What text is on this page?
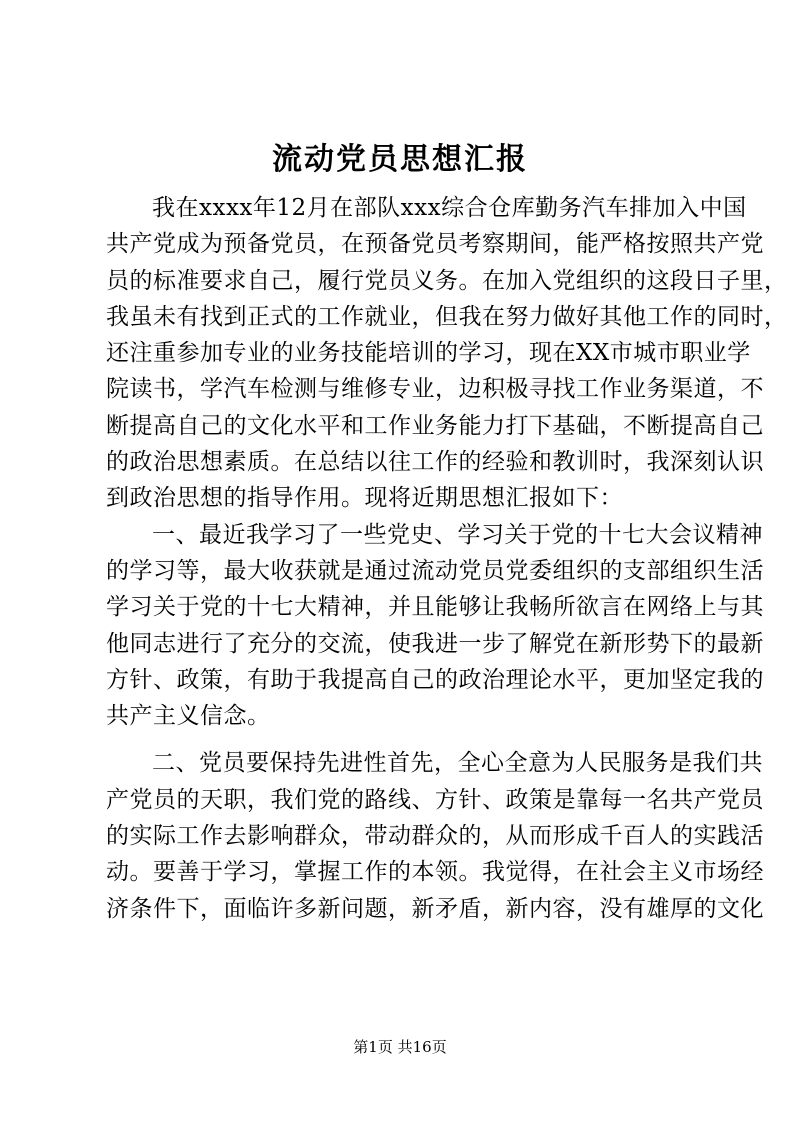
流动党员思想汇报
我在xxxx年12月在部队xxx综合仓库勤务汽车排加入中国
共产党成为预备党员，在预备党员考察期间，能严格按照共产党
员的标准要求自己，履行党员义务。在加入党组织的这段日子里，
我虽未有找到正式的工作就业，但我在努力做好其他工作的同时，
还注重参加专业的业务技能培训的学习，现在XX市城市职业学
院读书，学汽车检测与维修专业，边积极寻找工作业务渠道，不
断提高自己的文化水平和工作业务能力打下基础，不断提高自己
的政治思想素质。在总结以往工作的经验和教训时，我深刻认识
到政治思想的指导作用。现将近期思想汇报如下：
一、最近我学习了一些党史、学习关于党的十七大会议精神
的学习等，最大收获就是通过流动党员党委组织的支部组织生活
学习关于党的十七大精神，并且能够让我畅所欲言在网络上与其
他同志进行了充分的交流，使我进一步了解党在新形势下的最新
方针、政策，有助于我提高自己的政治理论水平，更加坚定我的
共产主义信念。
二、党员要保持先进性首先，全心全意为人民服务是我们共
产党员的天职，我们党的路线、方针、政策是靠每一名共产党员
的实际工作去影响群众，带动群众的，从而形成千百人的实践活
动。要善于学习，掌握工作的本领。我觉得，在社会主义市场经
济条件下，面临许多新问题，新矛盾，新内容，没有雄厚的文化
第1页 共16页
